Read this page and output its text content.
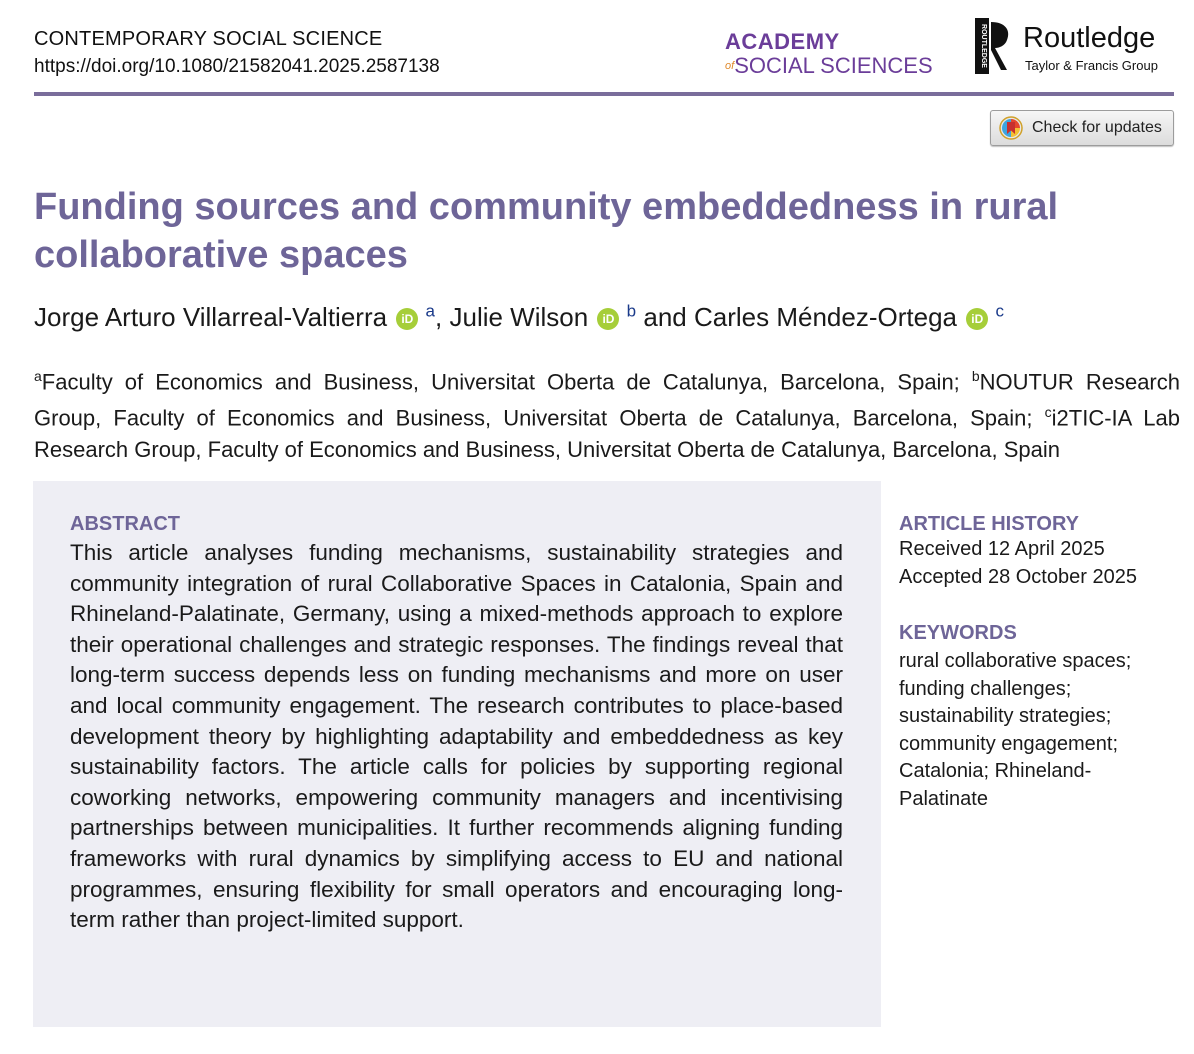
CONTEMPORARY SOCIAL SCIENCE
https://doi.org/10.1080/21582041.2025.2587138
ACADEMY
$^{of}$SOCIAL SCIENCES	ROUTLEDGE Routledge
Taylor & Francis Group
Check for updates
Funding sources and community embeddedness in rural collaborative spaces
Jorge Arturo Villarreal-Valtierra iD $^a$, Julie Wilson iD $^b$ and Carles Méndez-Ortega iD $^c$

$^a$Faculty of Economics and Business, Universitat Oberta de Catalunya, Barcelona, Spain; $^b$NOUTUR Research Group, Faculty of Economics and Business, Universitat Oberta de Catalunya, Barcelona, Spain; $^c$i2TIC-IA Lab Research Group, Faculty of Economics and Business, Universitat Oberta de Catalunya, Barcelona, Spain

ABSTRACT

This article analyses funding mechanisms, sustainability strategies and community integration of rural Collaborative Spaces in Catalonia, Spain and Rhineland-Palatinate, Germany, using a mixed-methods approach to explore their operational challenges and strategic responses. The findings reveal that long-term success depends less on funding mechanisms and more on user and local community engagement. The research contributes to place-based development theory by highlighting adaptability and embeddedness as key sustainability factors. The article calls for policies by supporting regional coworking networks, empowering community managers and incentivising partnerships between municipalities. It further recommends aligning funding frameworks with rural dynamics by simplifying access to EU and national programmes, ensuring flexibility for small operators and encouraging long-term rather than project-limited support.

ARTICLE HISTORY
Received 12 April 2025
Accepted 28 October 2025
KEYWORDS
rural collaborative spaces;
funding challenges;
sustainability strategies;
community engagement;
Catalonia; Rhineland-
Palatinate
